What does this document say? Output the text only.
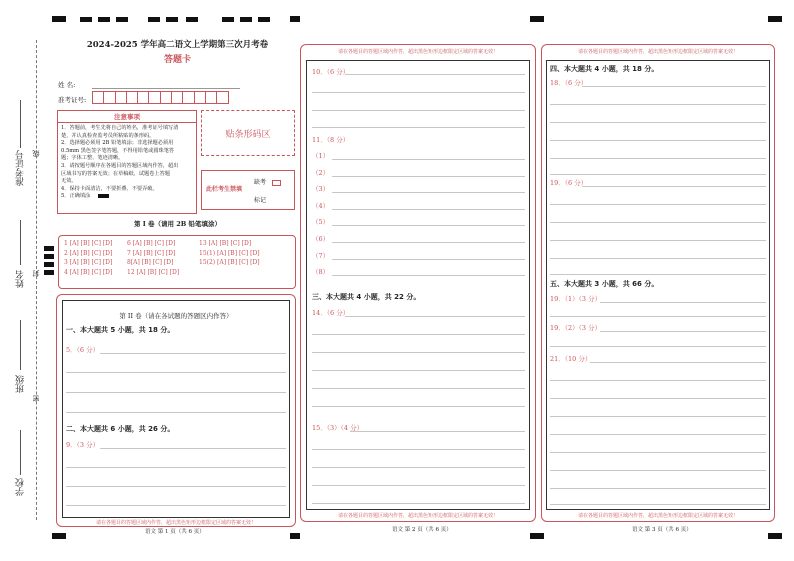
准考证号 线
姓名 封
班级
密
学校
2024-2025 学年高二语文上学期第三次月考卷
答题卡
姓 名:
准考证号:
注意事项
1．答题前，考生先将自己的姓名，准考证号填写清
楚，并认真检查监考员所粘贴的条形码。
2．选择题必须用 2B 铅笔填涂；非选择题必须用
0.5mm 黑色签字笔答题，不得用铅笔或圆珠笔答
题；字体工整、笔迹清晰。
3．请按题号顺序在各题目的答题区域内作答，超出
区域书写的答案无效；在草稿纸、试题卷上答题
无效。
4．保持卡面清洁，不要折叠、不要弄破。
5．正确填涂
贴条形码区
此栏考生禁填
缺考
标记
第 I 卷（请用 2B 铅笔填涂）
1 [A] [B] [C] [D]
2 [A] [B] [C] [D]
3 [A] [B] [C] [D]
4 [A] [B] [C] [D]
6 [A] [B] [C] [D]
7 [A] [B] [C] [D]
8[A] [B] [C] [D]
12 [A] [B] [C] [D]
13 [A] [B] [C] [D]
15(1) [A] [B] [C] [D]
15(2) [A] [B] [C] [D]
第 II 卷（请在各试题的答题区内作答）
一、本大题共 5 小题，共 18 分。
5．（6 分）
二、本大题共 6 小题，共 26 分。
9．（3 分）
请在各题目的答题区域内作答，超出黑色矩形边框限定区域的答案无效！
语文 第 1 页（共 6 页）
请在各题目的答题区域内作答，超出黑色矩形边框限定区域的答案无效！
10．（6 分）
11．（8 分）
（1）
（2）
（3）
（4）
（5）
（6）
（7）
（8）
三、本大题共 4 小题，共 22 分。
14．（6 分）
15．（3）（4 分）
请在各题目的答题区域内作答，超出黑色矩形边框限定区域的答案无效！
语文 第 2 页（共 6 页）
请在各题目的答题区域内作答，超出黑色矩形边框限定区域的答案无效！
四、本大题共 4 小题，共 18 分。
18．（6 分）
19．（6 分）
五、本大题共 3 小题，共 66 分。
19．（1）（3 分）
19．（2）（3 分）
21．（10 分）
请在各题目的答题区域内作答，超出黑色矩形边框限定区域的答案无效！
语文 第 3 页（共 6 页）
